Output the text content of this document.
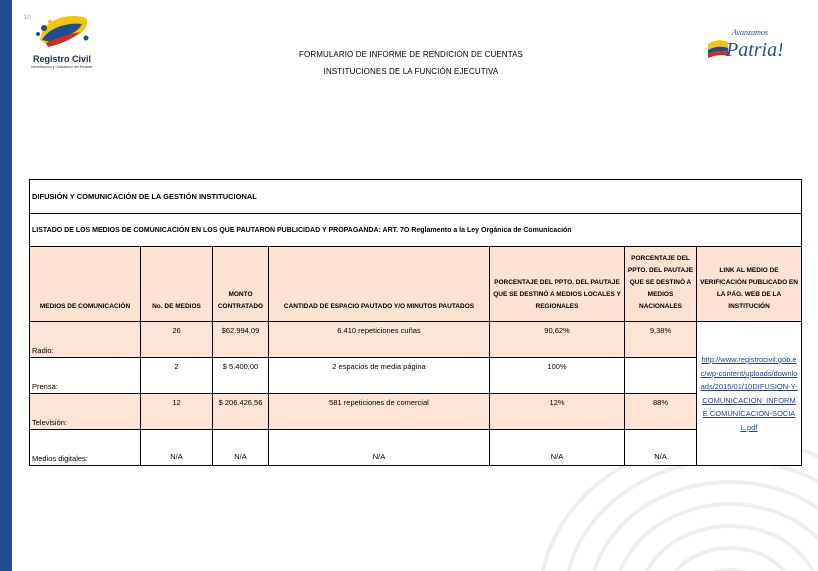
10
Registro Civil
Identificación y Cedulación del Ecuador
FORMULARIO DE INFORME DE RENDICIÓN DE CUENTAS
INSTITUCIONES DE LA FUNCIÓN EJECUTIVA
Avanzamos
Patria!
DIFUSIÓN Y COMUNICACIÓN DE LA GESTIÓN INSTITUCIONAL						
LISTADO DE LOS MEDIOS DE COMUNICACIÓN EN LOS QUE PAUTARON PUBLICIDAD Y PROPAGANDA: ART. 7O Reglamento a la Ley Orgánica de Comunicación						
MEDIOS DE COMUNICACIÓN	No. DE MEDIOS	MONTO CONTRATADO	CANTIDAD DE ESPACIO PAUTADO Y/O MINUTOS PAUTADOS	PORCENTAJE DEL PPTO. DEL PAUTAJE QUE SE DESTINÓ A MEDIOS LOCALES Y REGIONALES	PORCENTAJE DEL PPTO. DEL PAUTAJE QUE SE DESTINÓ A MEDIOS NACIONALES	LINK AL MEDIO DE VERIFICACIÓN PUBLICADO EN LA PÁG. WEB DE LA INSTITUCIÓN
Radio:	26	$62.994,09	6.410 repeticiones cuñas	90,62%	9,38%	http://www.registrocivil.gob.ec/wp-content/uploads/downloads/2015/01/10DIFUSION-Y-COMUNICACION_INFORME COMUNICACION-SOCIAL.pdf
Prensa:	2	$ 5.400,00	2 espacios de media página	100%		
Televisión:	12	$ 206.426,56	581 repeticiones de comercial	12%	88%	
Medios digitales:	N/A	N/A	N/A	N/A	N/A	
